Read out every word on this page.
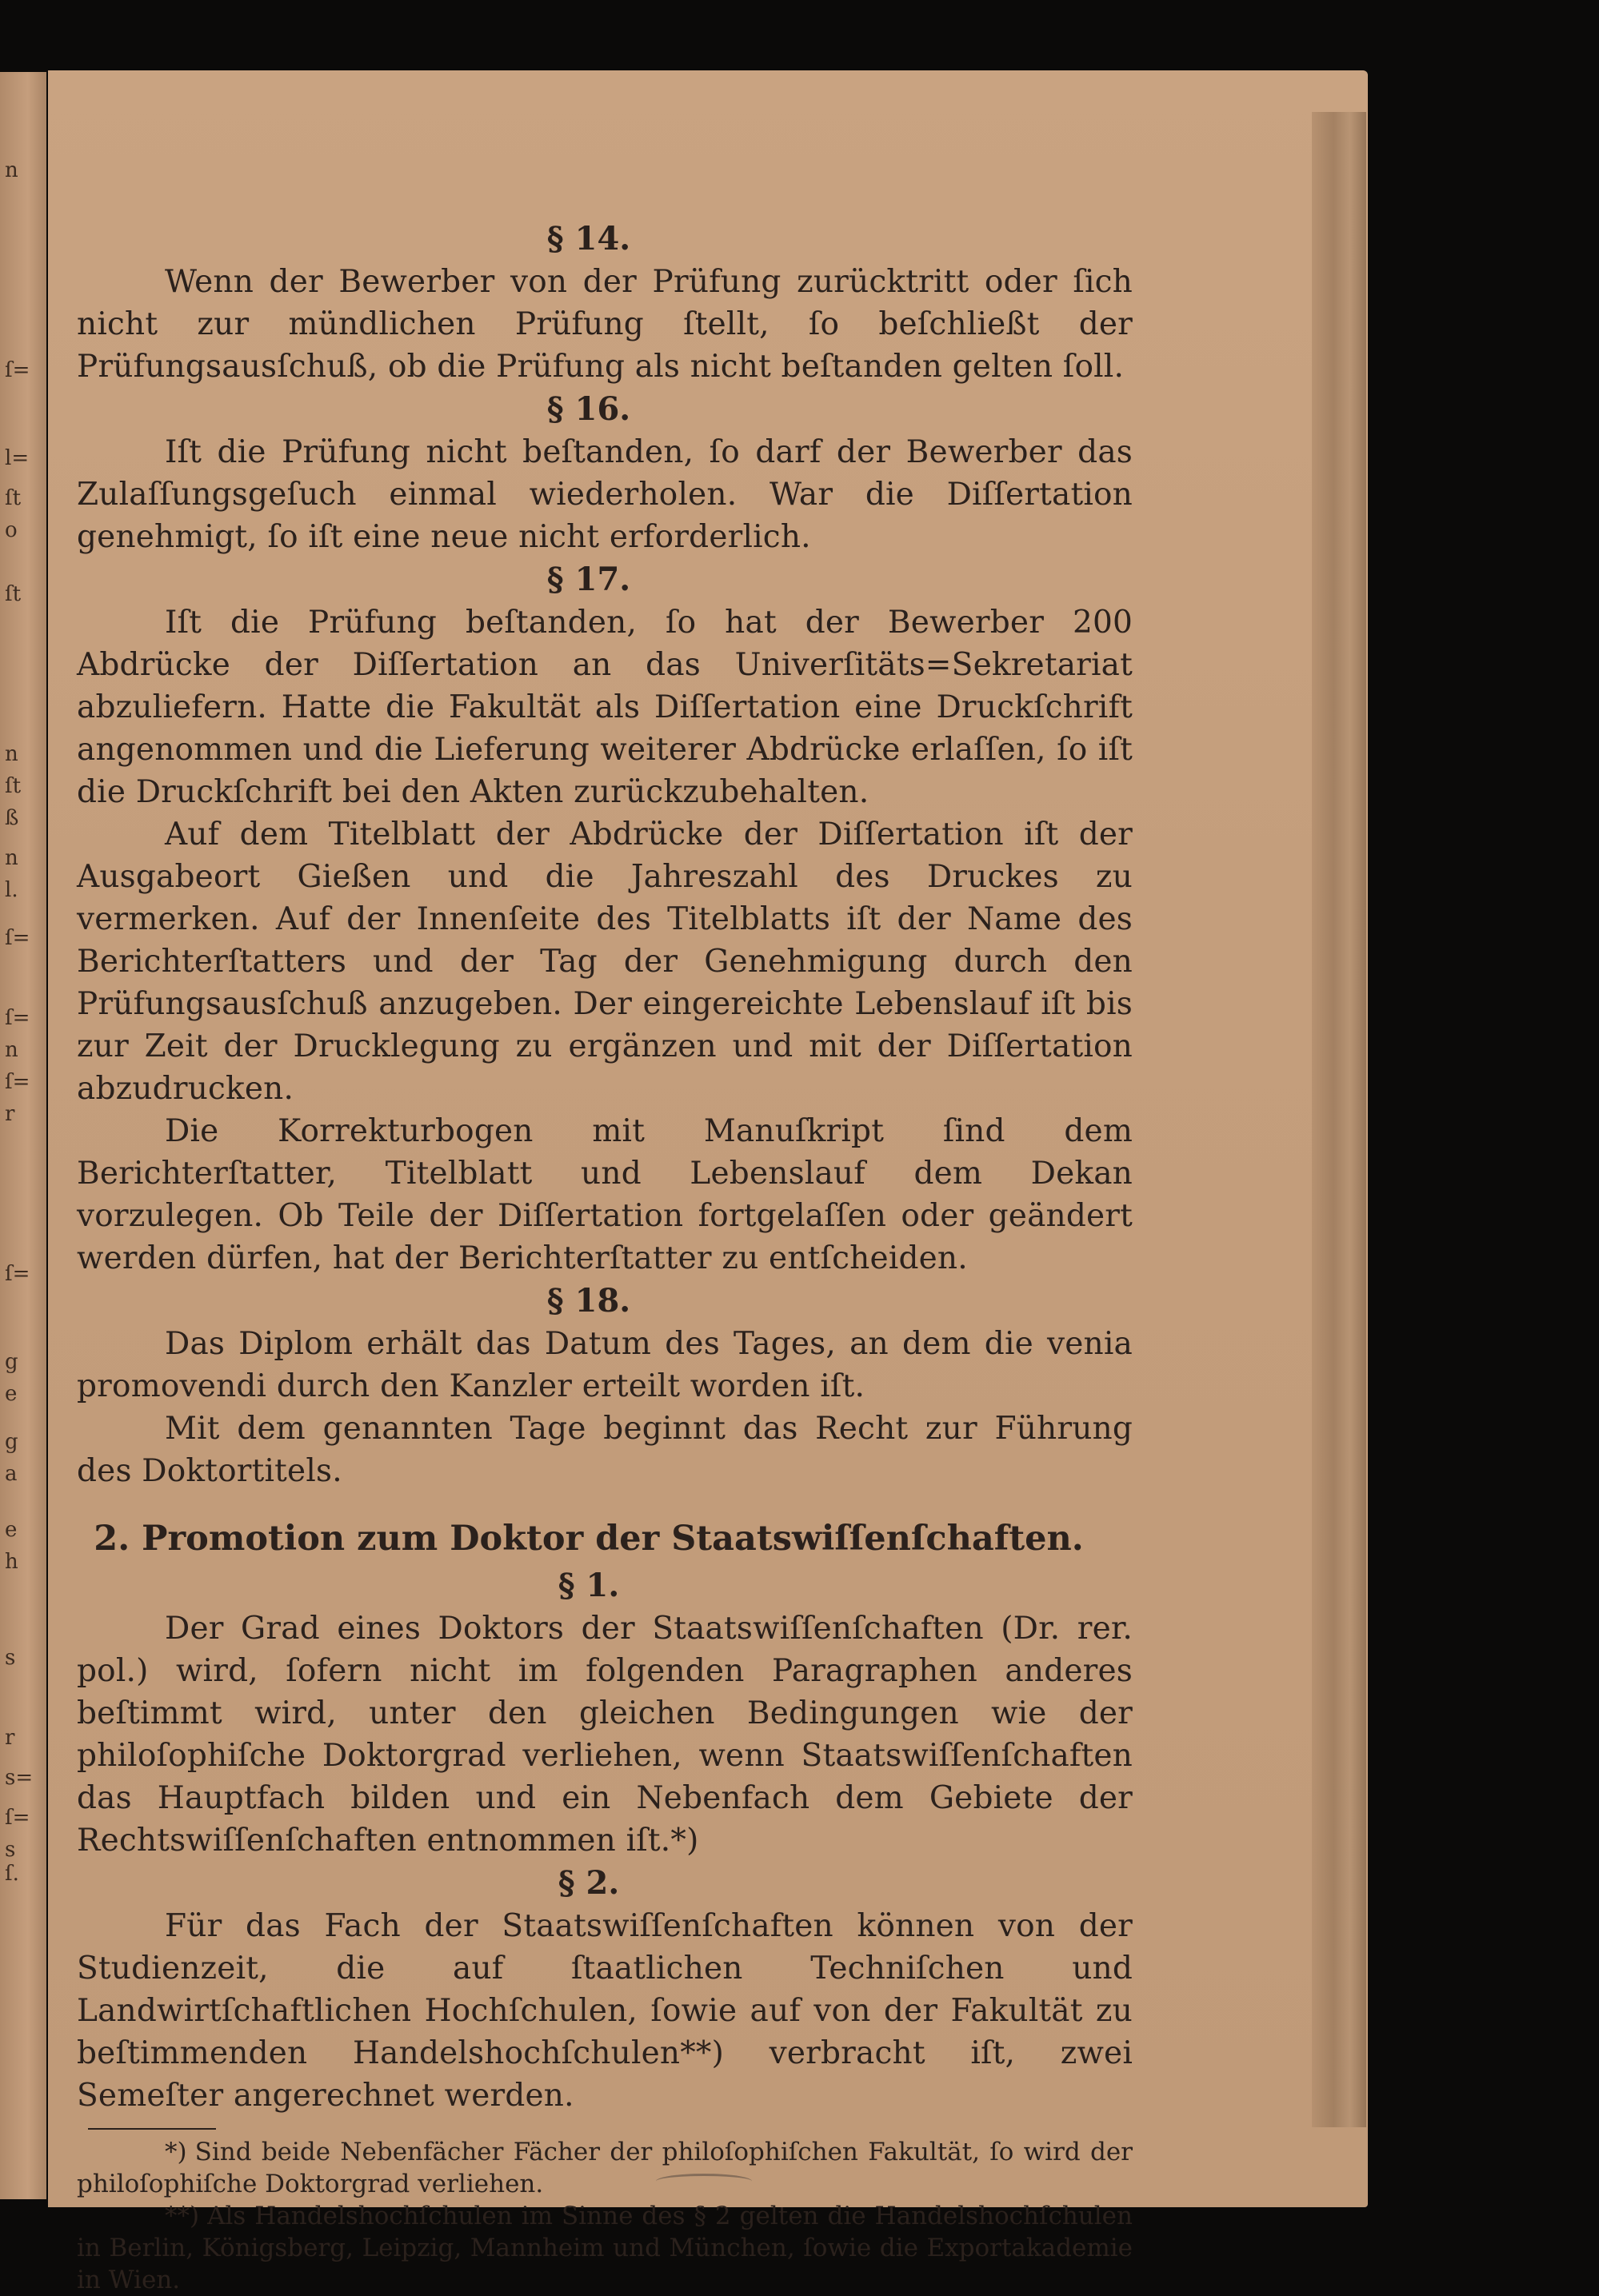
n
ſ=
l=
ſt
o
ſt
n
ſt
ß
n
l.
ſ=
ſ=
n
ſ=
r
ſ=
g
e
g
a
e
h
s
r
s=
ſ=
s
ſ.
§ 14.

Wenn der Bewerber von der Prüfung zurücktritt oder ſich nicht zur mündlichen Prüfung ſtellt, ſo beſchließt der Prüfungsausſchuß, ob die Prüfung als nicht beſtanden gelten ſoll.

§ 16.

Iſt die Prüfung nicht beſtanden, ſo darf der Bewerber das Zulaſſungsgeſuch einmal wiederholen. War die Diſſertation genehmigt, ſo iſt eine neue nicht erforderlich.

§ 17.

Iſt die Prüfung beſtanden, ſo hat der Bewerber 200 Abdrücke der Diſſertation an das Univerſitäts=Sekretariat abzuliefern. Hatte die Fakultät als Diſſertation eine Druckſchrift angenommen und die Lieferung weiterer Abdrücke erlaſſen, ſo iſt die Druckſchrift bei den Akten zurückzubehalten.

Auf dem Titelblatt der Abdrücke der Diſſertation iſt der Ausgabeort Gießen und die Jahreszahl des Druckes zu vermerken. Auf der Innenſeite des Titelblatts iſt der Name des Berichterſtatters und der Tag der Genehmigung durch den Prüfungsausſchuß anzugeben. Der eingereichte Lebenslauf iſt bis zur Zeit der Drucklegung zu ergänzen und mit der Diſſertation abzudrucken.

Die Korrekturbogen mit Manuſkript ſind dem Berichterſtatter, Titelblatt und Lebenslauf dem Dekan vorzulegen. Ob Teile der Diſſertation fortgelaſſen oder geändert werden dürfen, hat der Berichterſtatter zu entſcheiden.

§ 18.

Das Diplom erhält das Datum des Tages, an dem die venia promovendi durch den Kanzler erteilt worden iſt.

Mit dem genannten Tage beginnt das Recht zur Führung des Doktortitels.

2. Promotion zum Doktor der Staatswiſſenſchaften.
§ 1.

Der Grad eines Doktors der Staatswiſſenſchaften (Dr. rer. pol.) wird, ſofern nicht im folgenden Paragraphen anderes beſtimmt wird, unter den gleichen Bedingungen wie der philoſophiſche Doktorgrad verliehen, wenn Staatswiſſenſchaften das Hauptfach bilden und ein Nebenfach dem Gebiete der Rechtswiſſenſchaften entnommen iſt.*)

§ 2.

Für das Fach der Staatswiſſenſchaften können von der Studienzeit, die auf ſtaatlichen Techniſchen und Landwirtſchaftlichen Hochſchulen, ſowie auf von der Fakultät zu beſtimmenden Handelshochſchulen**) verbracht iſt, zwei Semeſter angerechnet werden.

*) Sind beide Nebenfächer Fächer der philoſophiſchen Fakultät, ſo wird der philoſophiſche Doktorgrad verliehen.

**) Als Handelshochſchulen im Sinne des § 2 gelten die Handelshochſchulen in Berlin, Königsberg, Leipzig, Mannheim und München, ſowie die Exportakademie in Wien.
